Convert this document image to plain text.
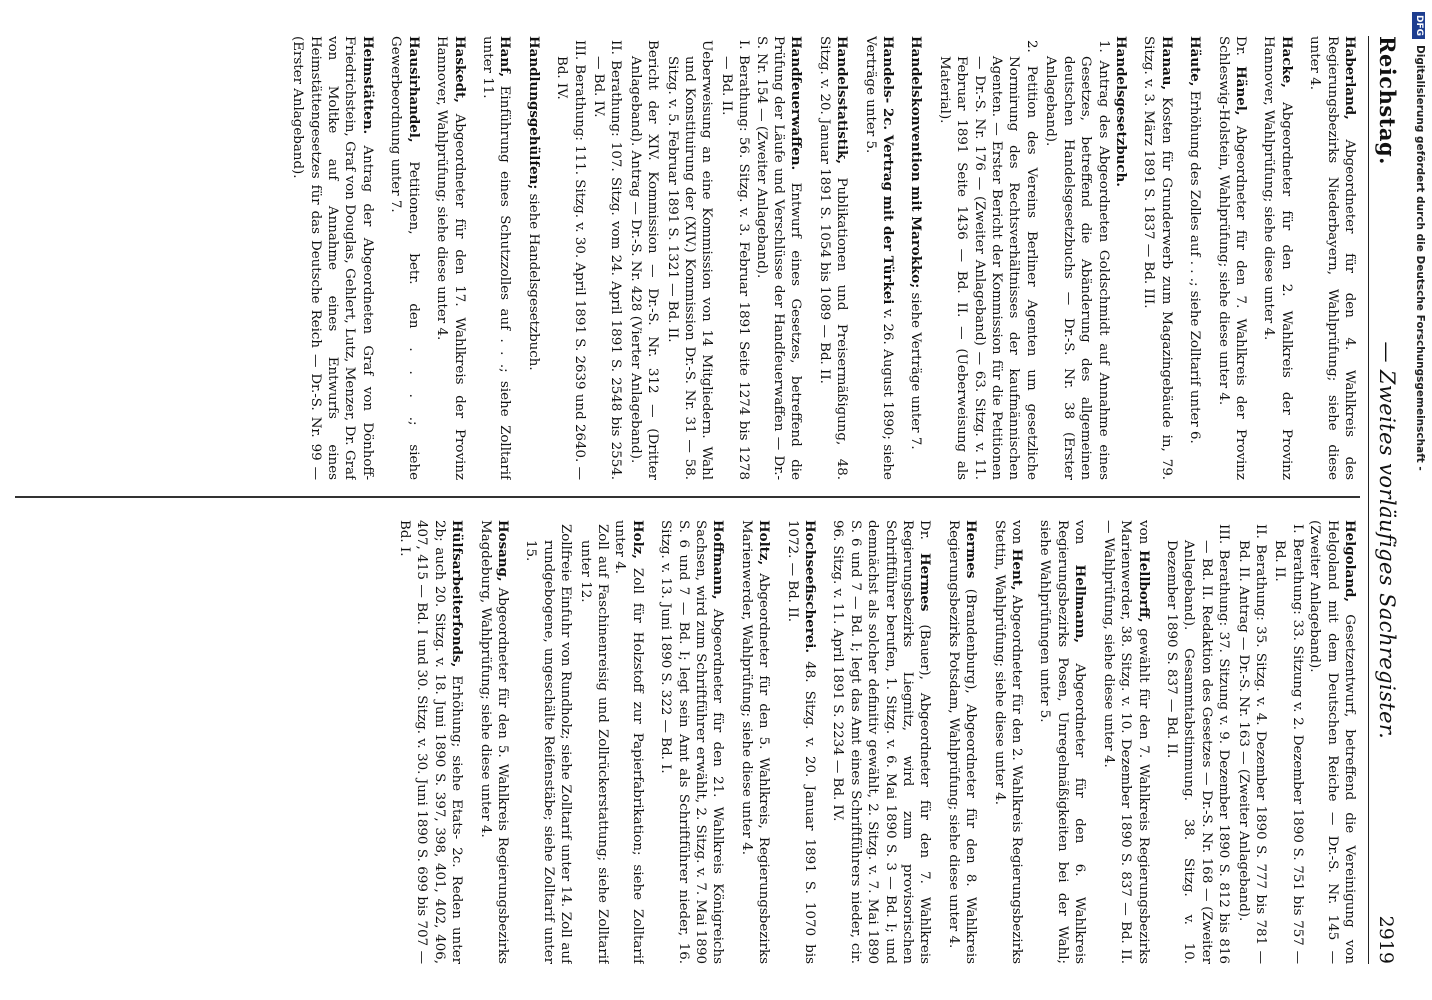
Reichstag.
— Zweites vorläufiges Sachregister.
2919
Haberland, Abgeordneter für den 4. Wahlkreis des Regierungsbezirks Niederbayern, Wahlprüfung; siehe diese unter 4.
Hacke, Abgeordneter für den 2. Wahlkreis der Provinz Hannover, Wahlprüfung; siehe diese unter 4.
Dr. Hänel, Abgeordneter für den 7. Wahlkreis der Provinz Schleswig-Holstein, Wahlprüfung; siehe diese unter 4.
Häute, Erhöhung des Zolles auf . . .; siehe Zolltarif unter 6.
Hanau, Kosten für Grunderwerb zum Magazingebäude in, 79. Sitzg. v. 3. März 1891 S. 1837 — Bd. III.
Handelsgesetzbuch.
1. Antrag des Abgeordneten Goldschmidt auf Annahme eines Gesetzes, betreffend die Abänderung des allgemeinen deutschen Handelsgesetzbuchs — Dr.-S. Nr. 38 (Erster Anlageband).
2. Petition des Vereins Berliner Agenten um gesetzliche Normirung des Rechtsverhältnisses der kaufmännischen Agenten. — Erster Bericht der Kommission für die Petitionen — Dr.-S. Nr. 176 — (Zweiter Anlageband) — 63. Sitzg. v. 11. Februar 1891 Seite 1436 — Bd. II. — (Ueberweisung als Material).
Handelskonvention mit Marokko; siehe Verträge unter 7.
Handels- 2c. Vertrag mit der Türkei v. 26. August 1890; siehe Verträge unter 5.
Handelsstatistik, Publikationen und Preisermäßigung, 48. Sitzg. v. 20. Januar 1891 S. 1054 bis 1089 — Bd. II.
Handfeuerwaffen. Entwurf eines Gesetzes, betreffend die Prüfung der Läufe und Verschlüsse der Handfeuerwaffen — Dr.-S. Nr. 154 — (Zweiter Anlageband).
I. Berathung: 56. Sitzg. v. 3. Februar 1891 Seite 1274 bis 1278 — Bd. II.
Ueberweisung an eine Kommission von 14 Mitgliedern. Wahl und Konstituirung der (XIV.) Kommission Dr.-S. Nr. 31 — 58. Sitzg. v. 5. Februar 1891 S. 1321 — Bd. II.
Bericht der XIV. Kommission — Dr.-S. Nr. 312 — (Dritter Anlageband). Antrag — Dr.-S. Nr. 428 (Vierter Anlageband).
II. Berathung: 107. Sitzg. vom 24. April 1891 S. 2548 bis 2554. — Bd. IV.
III. Berathung: 111. Sitzg. v. 30. April 1891 S. 2639 und 2640. — Bd. IV.
Handlungsgehülfen; siehe Handelsgesetzbuch.
Hanf, Einführung eines Schutzzolles auf . . .; siehe Zolltarif unter 11.
Haskedt, Abgeordneter für den 17. Wahlkreis der Provinz Hannover, Wahlprüfung; siehe diese unter 4.
Hausirhandel, Petitionen, betr. den . . . .; siehe Gewerbeordnung unter 7.
Heimstätten. Antrag der Abgeordneten Graf von Dönhoff-Friedrichstein, Graf von Douglas, Gehlert, Lutz, Menzer, Dr. Graf von Moltke auf Annahme eines Entwurfs eines Heimstättengesetzes für das Deutsche Reich — Dr.-S. Nr. 99 — (Erster Anlageband).
Helgoland, Gesetzentwurf, betreffend die Vereinigung von Helgoland mit dem Deutschen Reiche — Dr.-S. Nr. 145 — (Zweiter Anlageband).
I. Berathung: 33. Sitzung v. 2. Dezember 1890 S. 751 bis 757 — Bd. II.
II. Berathung: 35. Sitzg. v. 4. Dezember 1890 S. 777 bis 781 — Bd. II. Antrag — Dr.-S. Nr. 163 — (Zweiter Anlageband).
III. Berathung: 37. Sitzung v. 9. Dezember 1890 S. 812 bis 816 — Bd. II. Redaktion des Gesetzes — Dr.-S. Nr. 168 — (Zweiter Anlageband). Gesammtabstimmung. 38. Sitzg. v. 10. Dezember 1890 S. 837 — Bd. II.
von Hellborff, gewählt für den 7. Wahlkreis Regierungsbezirks Marienwerder, 38. Sitzg. v. 10. Dezember 1890 S. 837 — Bd. II. — Wahlprüfung, siehe diese unter 4.
von Hellmann, Abgeordneter für den 6. Wahlkreis Regierungsbezirks Posen, Unregelmäßigkeiten bei der Wahl; siehe Wahlprüfungen unter 5.
von Hent, Abgeordneter für den 2. Wahlkreis Regierungsbezirks Stettin, Wahlprüfung; siehe diese unter 4.
Hermes (Brandenburg), Abgeordneter für den 8. Wahlkreis Regierungsbezirks Potsdam, Wahlprüfung; siehe diese unter 4.
Dr. Hermes (Bauer), Abgeordneter für den 7. Wahlkreis Regierungsbezirks Liegnitz, wird zum provisorischen Schriftführer berufen, 1. Sitzg. v. 6. Mai 1890 S. 3 — Bd. I; und demnächst als solcher definitiv gewählt, 2. Sitzg. v. 7. Mai 1890 S. 6 und 7 — Bd. I; legt das Amt eines Schriftführers nieder, cir. 96. Sitzg. v. 11. April 1891 S. 2234 — Bd. IV.
Hochseefischerei. 48. Sitzg. v. 20. Januar 1891 S. 1070 bis 1072. — Bd. II.
Holtz, Abgeordneter für den 5. Wahlkreis, Regierungsbezirks Marienwerder, Wahlprüfung; siehe diese unter 4.
Hoffmann, Abgeordneter für den 21. Wahlkreis Königreichs Sachsen, wird zum Schriftführer erwählt, 2. Sitzg. v. 7. Mai 1890 S. 6 und 7 — Bd. I; legt sein Amt als Schriftführer nieder, 16. Sitzg. v. 13. Juni 1890 S. 322 — Bd. I.
Holz, Zoll für Holzstoff zur Papierfabrikation; siehe Zolltarif unter 4.
Zoll auf Faschinenreisig und Zollrückerstattung; siehe Zolltarif unter 12.
Zollfreie Einfuhr von Rundholz; siehe Zolltarif unter 14. Zoll auf rundgebogene, ungeschälte Reifenstäbe; siehe Zolltarif unter 15.
Hosang, Abgeordneter für den 5. Wahlkreis Regierungsbezirks Magdeburg, Wahlprüfung; siehe diese unter 4.
Hülfsarbeiterfonds, Erhöhung; siehe Etats- 2c. Reden unter 2b; auch 20. Sitzg. v. 18. Juni 1890 S. 397, 398, 401, 402, 406, 407, 415 — Bd. I und 30. Sitzg. v. 30. Juni 1890 S. 699 bis 707 — Bd. I.
DFGDigitalisierung gefördert durch die Deutsche Forschungsgemeinschaft -
